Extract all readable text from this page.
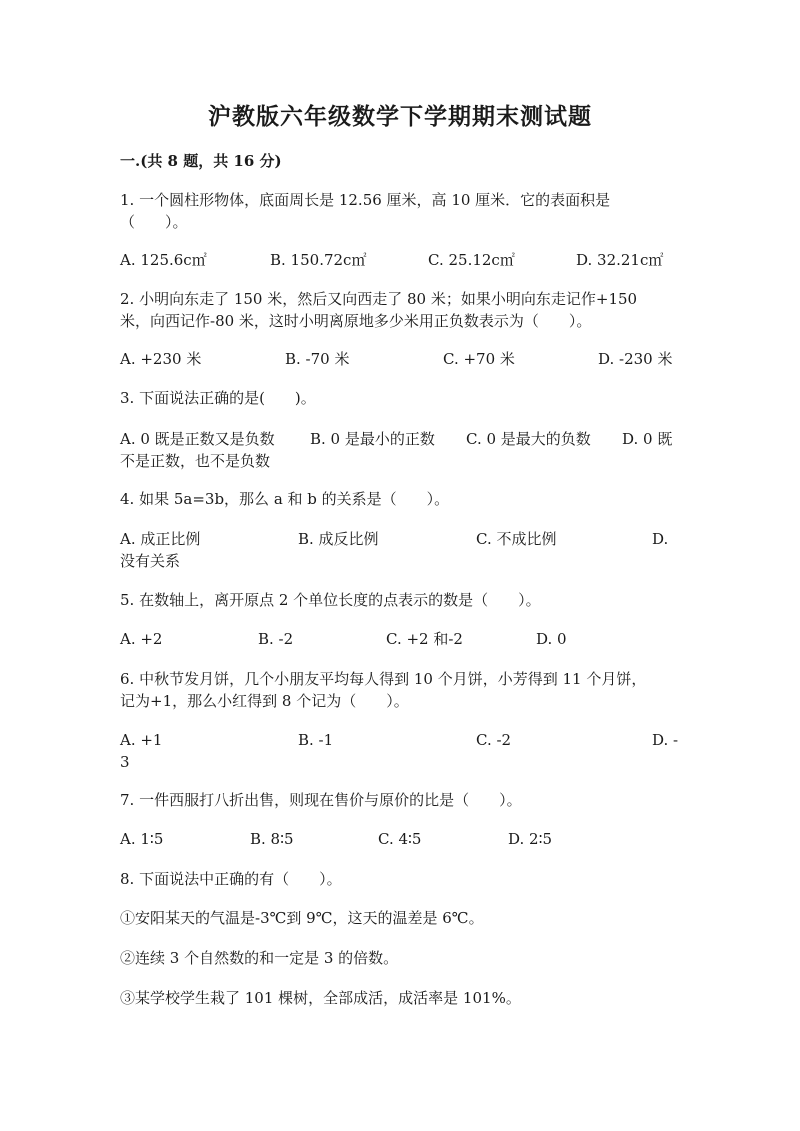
沪教版六年级数学下学期期末测试题
一.(共 8 题，共 16 分)
1. 一个圆柱形物体，底面周长是 12.56 厘米，高 10 厘米．它的表面积是
（　　）。
A. 125.6c㎡	B. 150.72c㎡	C. 25.12c㎡	D. 32.21c㎡
2. 小明向东走了 150 米，然后又向西走了 80 米；如果小明向东走记作+150
米，向西记作-80 米，这时小明离原地多少米用正负数表示为（　　）。
A. +230 米	B. -70 米	C. +70 米	D. -230 米
3. 下面说法正确的是(　　)。
A. 0 既是正数又是负数 B. 0 是最小的正数 C. 0 是最大的负数 D. 0 既
不是正数，也不是负数
4. 如果 5a=3b，那么 a 和 b 的关系是（　　）。
A. 成正比例	B. 成反比例	C. 不成比例	D.
没有关系
5. 在数轴上，离开原点 2 个单位长度的点表示的数是（　　）。
A. +2	B. -2	C. +2 和-2	D. 0
6. 中秋节发月饼，几个小朋友平均每人得到 10 个月饼，小芳得到 11 个月饼，
记为+1，那么小红得到 8 个记为（　　）。
A. +1	B. -1	C. -2	D. -
3
7. 一件西服打八折出售，则现在售价与原价的比是（　　）。
A. 1∶5	B. 8∶5	C. 4∶5	D. 2∶5
8. 下面说法中正确的有（　　）。
①安阳某天的气温是-3℃到 9℃，这天的温差是 6℃。
②连续 3 个自然数的和一定是 3 的倍数。
③某学校学生栽了 101 棵树，全部成活，成活率是 101%。
